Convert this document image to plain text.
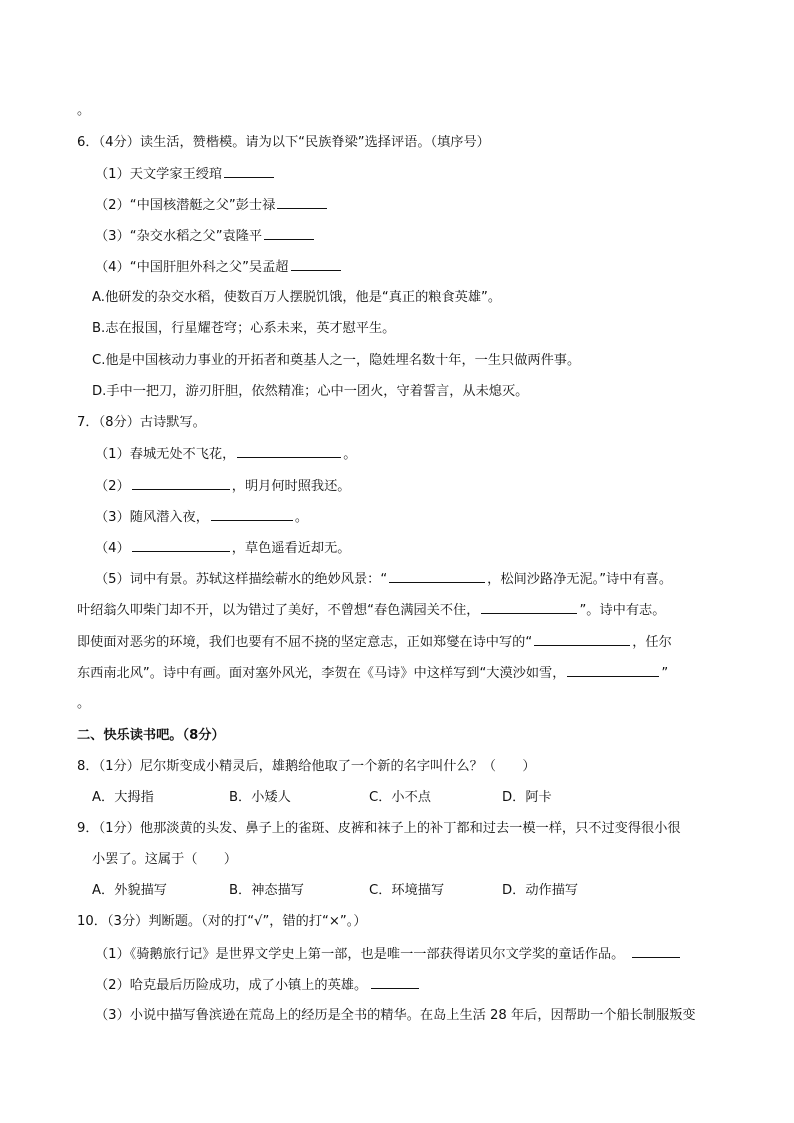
。
6．（4分）读生活，赞楷模。请为以下“民族脊梁”选择评语。（填序号）
（1）天文学家王绶琯
（2）“中国核潜艇之父”彭士禄
（3）“杂交水稻之父”袁隆平
（4）“中国肝胆外科之父”吴孟超
A.他研发的杂交水稻，使数百万人摆脱饥饿，他是“真正的粮食英雄”。
B.志在报国，行星耀苍穹；心系未来，英才慰平生。
C.他是中国核动力事业的开拓者和奠基人之一，隐姓埋名数十年，一生只做两件事。
D.手中一把刀，游刃肝胆，依然精准；心中一团火，守着誓言，从未熄灭。
7．（8分）古诗默写。
（1）春城无处不飞花，	。
（2）	，明月何时照我还。
（3）随风潜入夜，	。
（4）	，草色遥看近却无。
（5）词中有景。苏轼这样描绘蕲水的绝妙风景：“	，松间沙路净无泥。”诗中有喜。
叶绍翁久叩柴门却不开，以为错过了美好，不曾想“春色满园关不住，	”。诗中有志。
即使面对恶劣的环境，我们也要有不屈不挠的坚定意志，正如郑燮在诗中写的“	，任尔
东西南北风”。诗中有画。面对塞外风光，李贺在《马诗》中这样写到“大漠沙如雪，	”
。
二、快乐读书吧。（8分）
8．（1分）尼尔斯变成小精灵后，雄鹅给他取了一个新的名字叫什么？（　　）
A．大拇指	B．小矮人	C．小不点	D．阿卡
9．（1分）他那淡黄的头发、鼻子上的雀斑、皮裤和袜子上的补丁都和过去一模一样，只不过变得很小很
小罢了。这属于（　　）
A．外貌描写	B．神态描写	C．环境描写	D．动作描写
10．（3分）判断题。（对的打“√”，错的打“×”。）
（1）《骑鹅旅行记》是世界文学史上第一部，也是唯一一部获得诺贝尔文学奖的童话作品。
（2）哈克最后历险成功，成了小镇上的英雄。
（3）小说中描写鲁滨逊在荒岛上的经历是全书的精华。在岛上生活 28 年后，因帮助一个船长制服叛变
